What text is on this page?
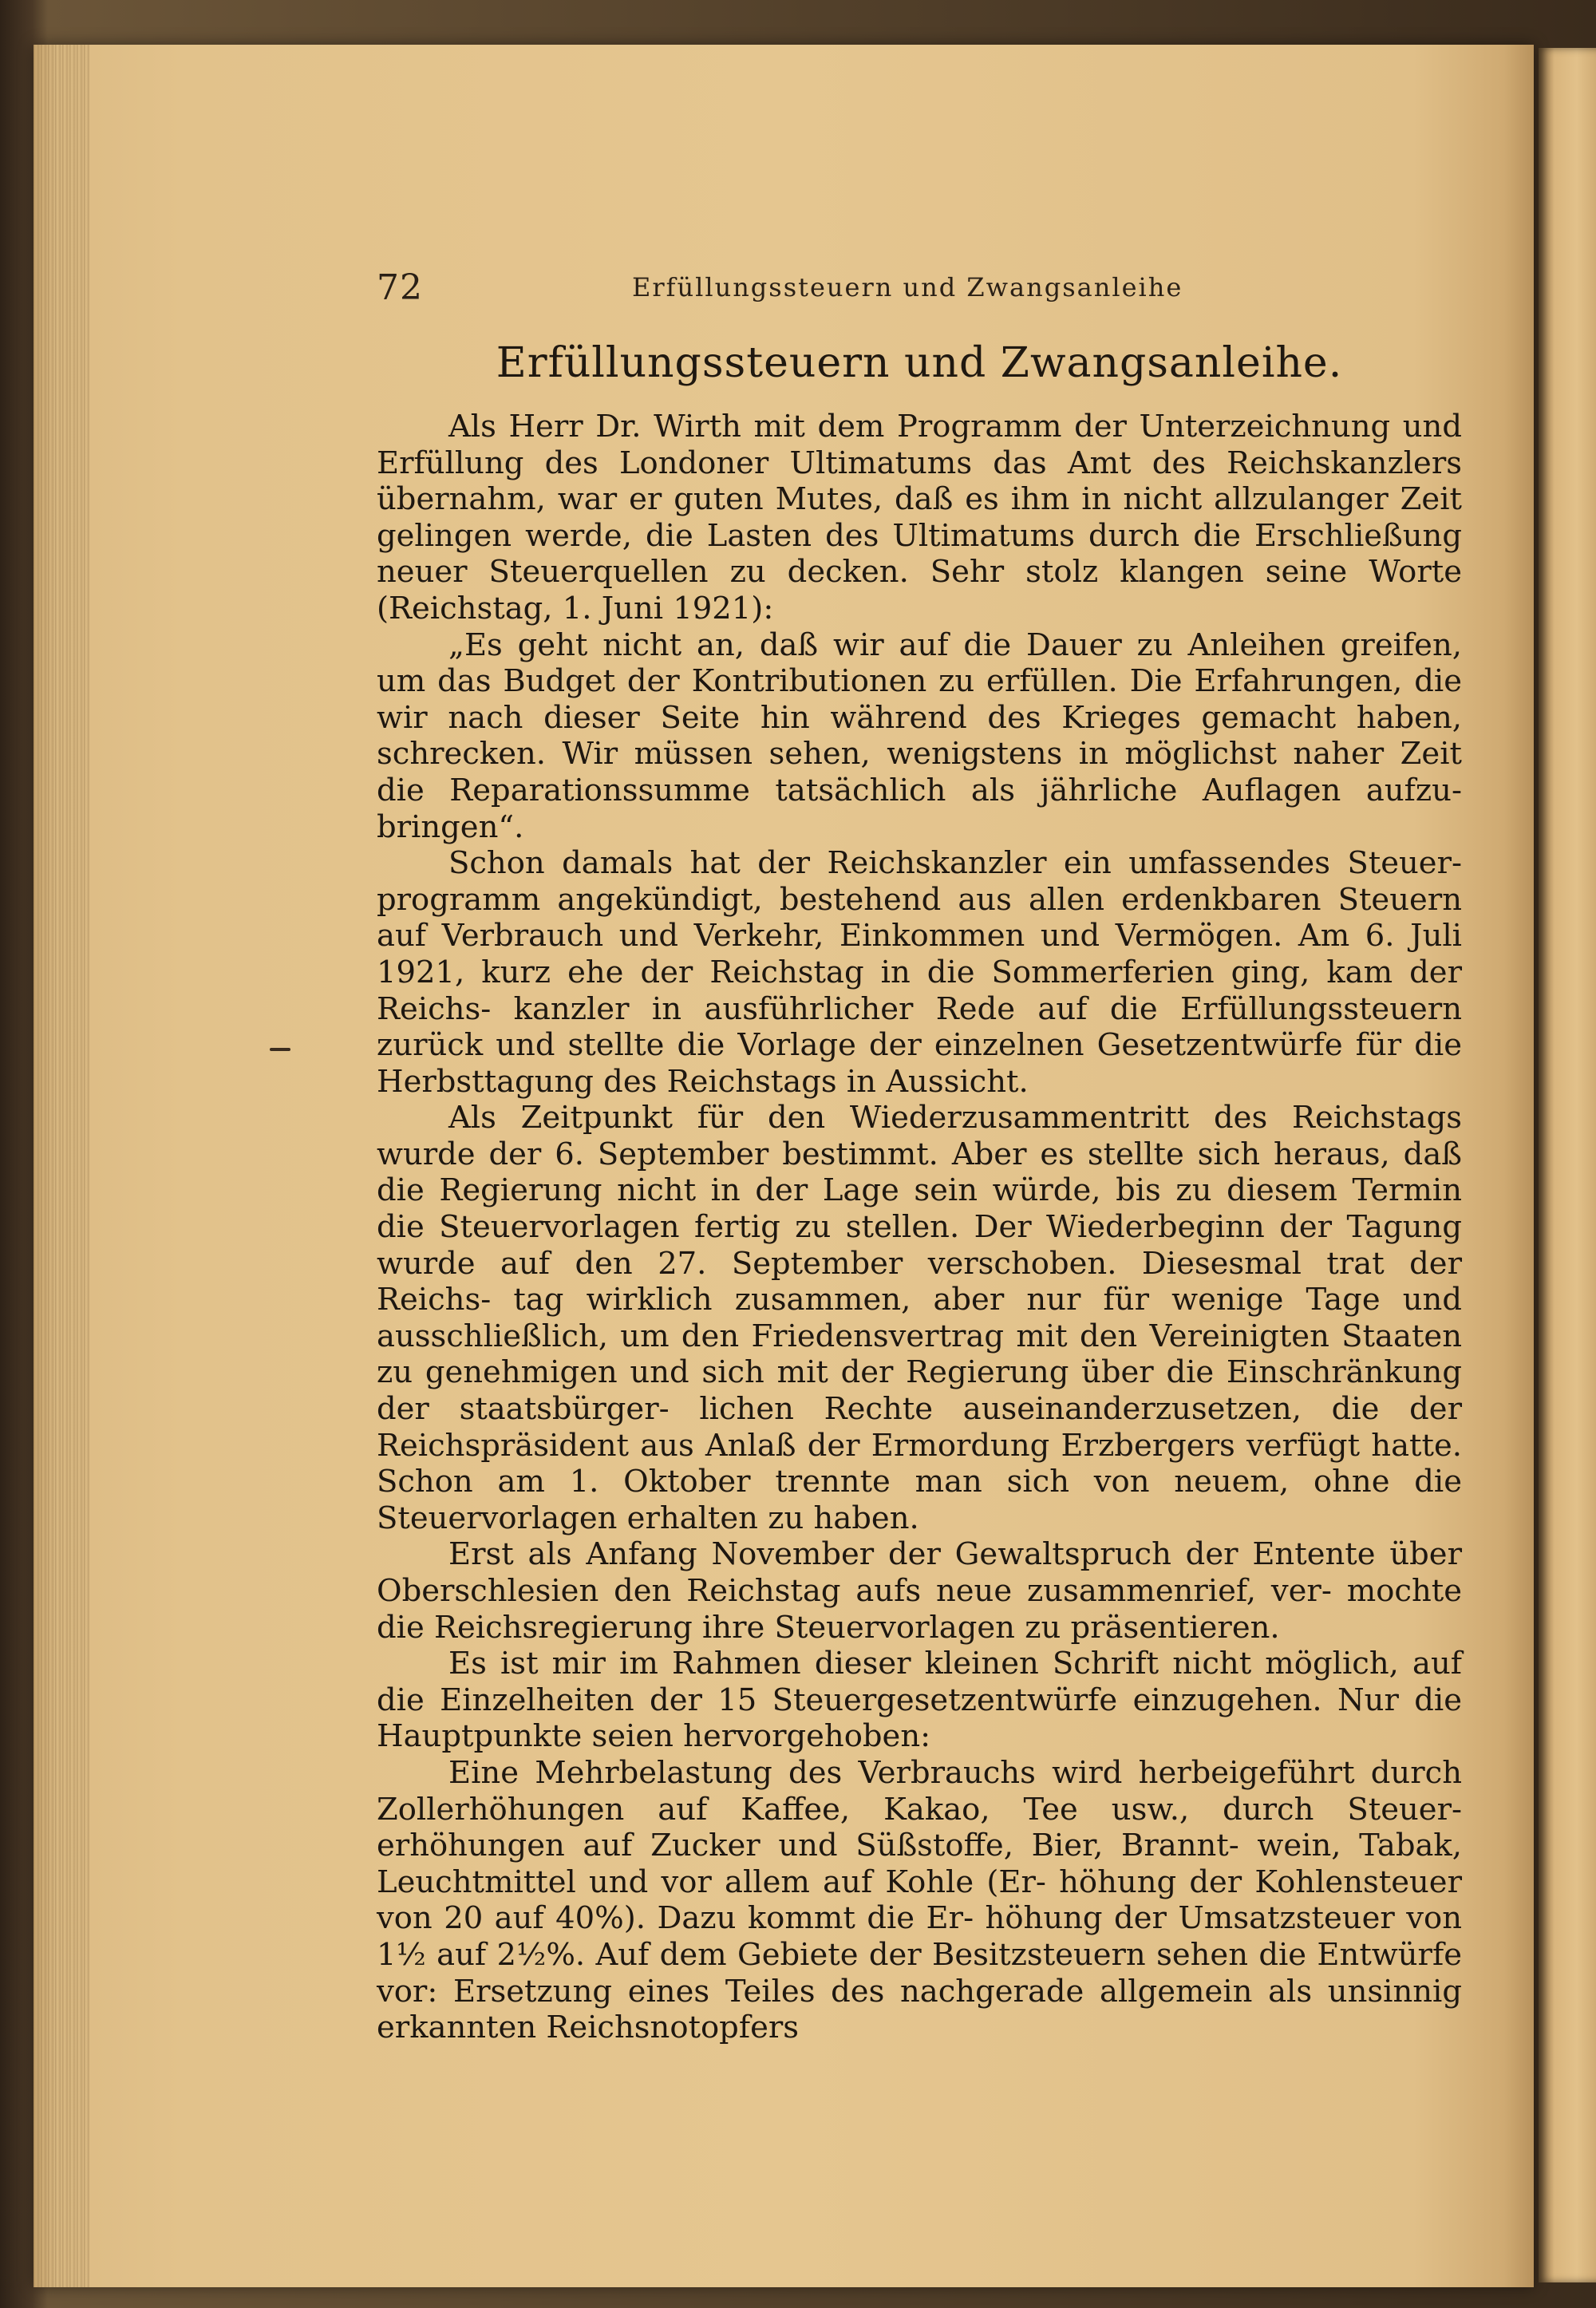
72	Erfüllungssteuern und Zwangsanleihe
Erfüllungssteuern und Zwangsanleihe.

Als Herr Dr. Wirth mit dem Programm der Unterzeichnung und Erfüllung des Londoner Ultimatums das Amt des Reichskanzlers übernahm, war er guten Mutes, daß es ihm in nicht allzulanger Zeit gelingen werde, die Lasten des Ultimatums durch die Erschließung neuer Steuerquellen zu decken. Sehr stolz klangen seine Worte (Reichstag, 1. Juni 1921):

„Es geht nicht an, daß wir auf die Dauer zu Anleihen greifen, um das Budget der Kontributionen zu erfüllen. Die Erfahrungen, die wir nach dieser Seite hin während des Krieges gemacht haben, schrecken. Wir müssen sehen, wenigstens in möglichst naher Zeit die Reparationssumme tatsächlich als jährliche Auflagen aufzu- bringen“.

Schon damals hat der Reichskanzler ein umfassendes Steuer- programm angekündigt, bestehend aus allen erdenkbaren Steuern auf Verbrauch und Verkehr, Einkommen und Vermögen. Am 6. Juli 1921, kurz ehe der Reichstag in die Sommerferien ging, kam der Reichs- kanzler in ausführlicher Rede auf die Erfüllungssteuern zurück und stellte die Vorlage der einzelnen Gesetzentwürfe für die Herbsttagung des Reichstags in Aussicht.

Als Zeitpunkt für den Wiederzusammentritt des Reichstags wurde der 6. September bestimmt. Aber es stellte sich heraus, daß die Regierung nicht in der Lage sein würde, bis zu diesem Termin die Steuervorlagen fertig zu stellen. Der Wiederbeginn der Tagung wurde auf den 27. September verschoben. Diesesmal trat der Reichs- tag wirklich zusammen, aber nur für wenige Tage und ausschließlich, um den Friedensvertrag mit den Vereinigten Staaten zu genehmigen und sich mit der Regierung über die Einschränkung der staatsbürger- lichen Rechte auseinanderzusetzen, die der Reichspräsident aus Anlaß der Ermordung Erzbergers verfügt hatte. Schon am 1. Oktober trennte man sich von neuem, ohne die Steuervorlagen erhalten zu haben.

Erst als Anfang November der Gewaltspruch der Entente über Oberschlesien den Reichstag aufs neue zusammenrief, ver- mochte die Reichsregierung ihre Steuervorlagen zu präsentieren.

Es ist mir im Rahmen dieser kleinen Schrift nicht möglich, auf die Einzelheiten der 15 Steuergesetzentwürfe einzugehen. Nur die Hauptpunkte seien hervorgehoben:

Eine Mehrbelastung des Verbrauchs wird herbeigeführt durch Zollerhöhungen auf Kaffee, Kakao, Tee usw., durch Steuer- erhöhungen auf Zucker und Süßstoffe, Bier, Brannt- wein, Tabak, Leuchtmittel und vor allem auf Kohle (Er- höhung der Kohlensteuer von 20 auf 40%). Dazu kommt die Er- höhung der Umsatzsteuer von 1½ auf 2½%. Auf dem Gebiete der Besitzsteuern sehen die Entwürfe vor: Ersetzung eines Teiles des nachgerade allgemein als unsinnig erkannten Reichsnotopfers
